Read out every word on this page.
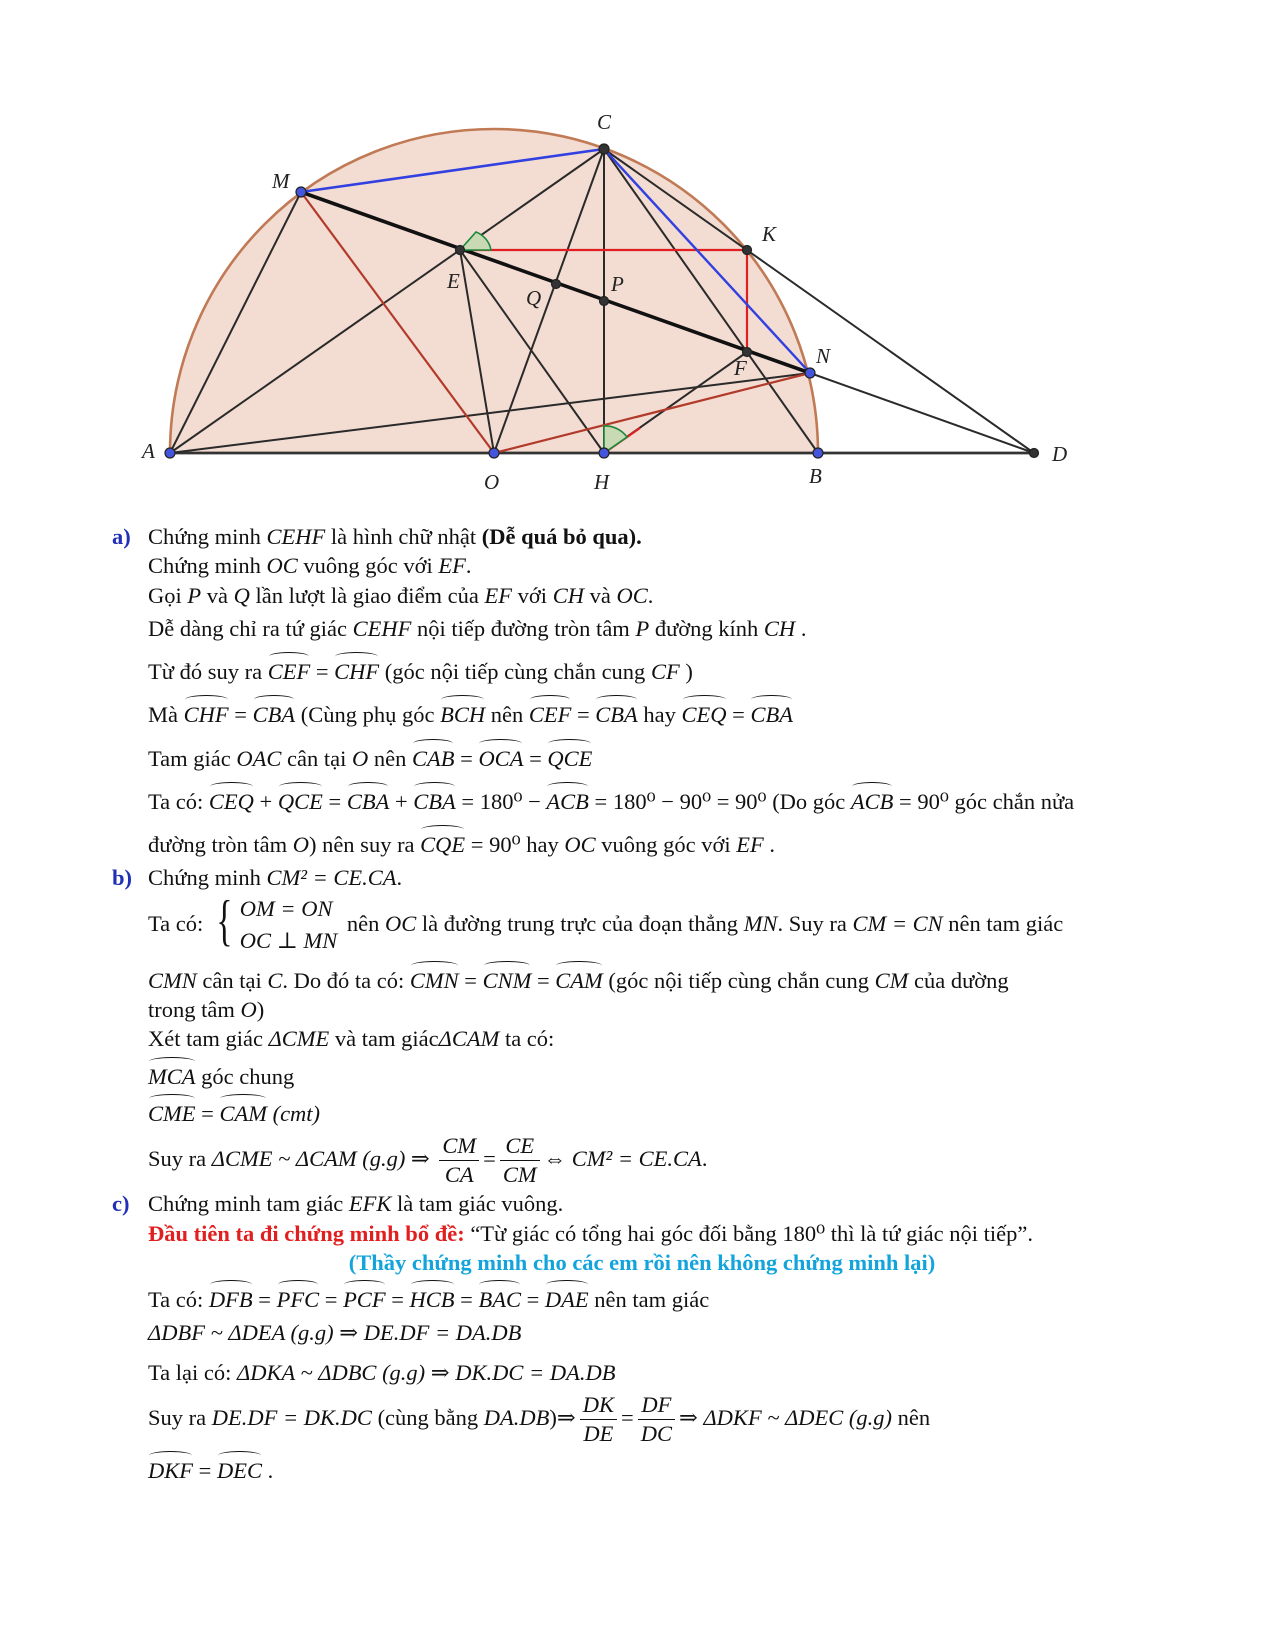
A
O	H	B
D
C
M
K
E
Q
P
N
F

a) Chứng minh CEHF là hình chữ nhật (Dễ quá bỏ qua).

Chứng minh OC vuông góc với EF.

Gọi P và Q lần lượt là giao điểm của EF với CH và OC.

Dễ dàng chỉ ra tứ giác CEHF nội tiếp đường tròn tâm P đường kính CH .

Từ đó suy ra CEF = CHF (góc nội tiếp cùng chắn cung CF )

Mà CHF = CBA (Cùng phụ góc BCH nên CEF = CBA hay CEQ = CBA

Tam giác OAC cân tại O nên CAB = OCA = QCE

Ta có: CEQ + QCE = CBA + CBA = 180⁰ − ACB = 180⁰ − 90⁰ = 90⁰ (Do góc ACB = 90⁰ góc chắn nửa

đường tròn tâm O) nên suy ra CQE = 90⁰ hay OC vuông góc với EF .

b) Chứng minh CM² = CE.CA.

Ta có: { OM = ON
OC ⊥ MN
nên OC là đường trung trực của đoạn thẳng MN. Suy ra CM = CN nên tam giác

CMN cân tại C. Do đó ta có: CMN = CNM = CAM (góc nội tiếp cùng chắn cung CM của dường

trong tâm O)

Xét tam giác ΔCME và tam giácΔCAM ta có:

MCA góc chung

CME = CAM (cmt)

Suy ra ΔCME ~ ΔCAM (g.g) ⇒ $\frac{CM}{CA} = \frac{CE}{CM}$ ⇔ CM² = CE.CA.

c) Chứng minh tam giác EFK là tam giác vuông.

Đầu tiên ta đi chứng minh bổ đề: “Từ giác có tổng hai góc đối bằng 180⁰ thì là tứ giác nội tiếp”.

(Thầy chứng minh cho các em rồi nên không chứng minh lại)

Ta có: DFB = PFC = PCF = HCB = BAC = DAE nên tam giác

ΔDBF ~ ΔDEA (g.g) ⇒ DE.DF = DA.DB

Ta lại có: ΔDKA ~ ΔDBC (g.g) ⇒ DK.DC = DA.DB

Suy ra DE.DF = DK.DC (cùng bằng DA.DB)⇒ $\frac{DK}{DE} = \frac{DF}{DC}$ ⇒ ΔDKF ~ ΔDEC (g.g) nên

DKF = DEC .
